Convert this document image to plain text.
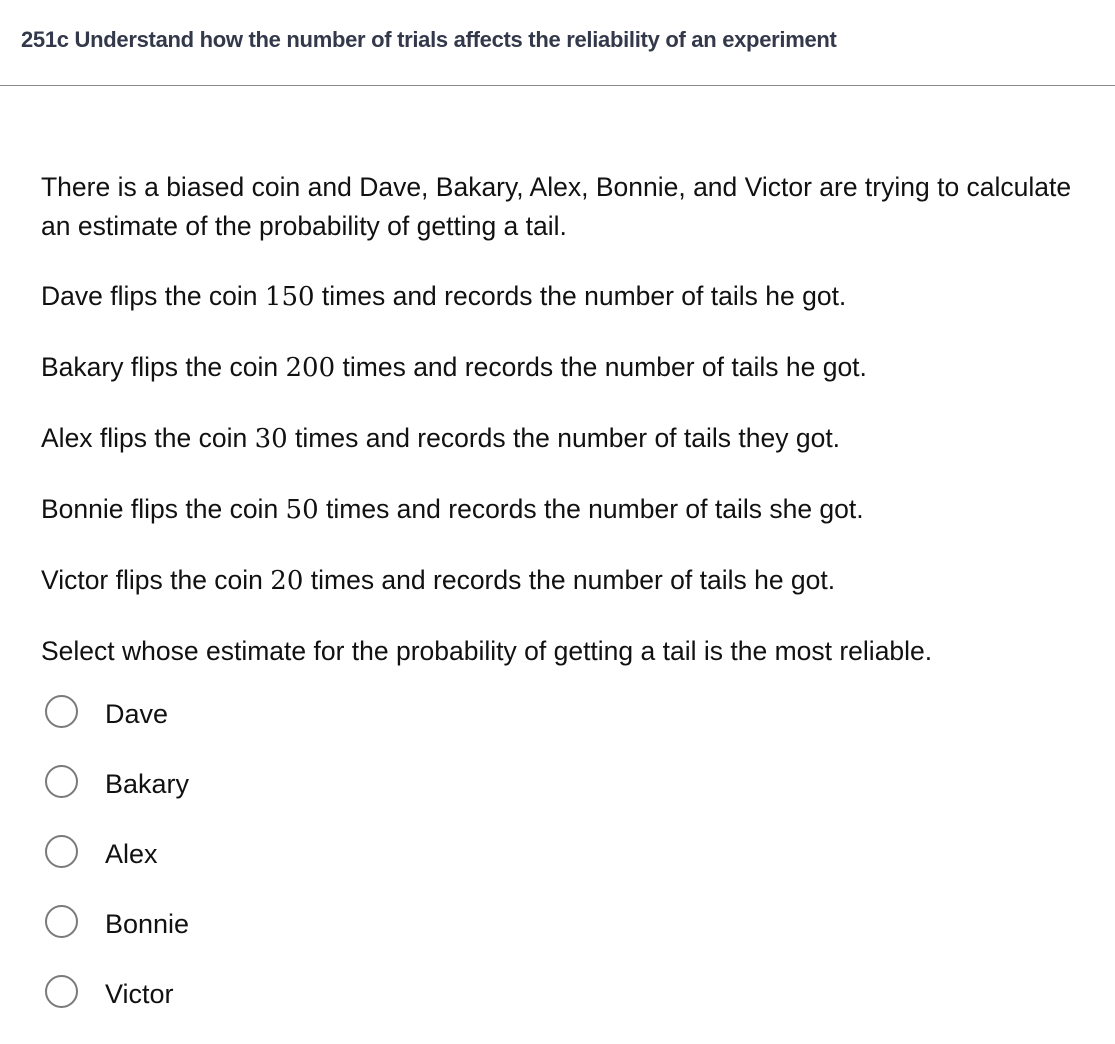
251c Understand how the number of trials affects the reliability of an experiment

There is a biased coin and Dave, Bakary, Alex, Bonnie, and Victor are trying to calculate an estimate of the probability of getting a tail.

Dave flips the coin 150 times and records the number of tails he got.

Bakary flips the coin 200 times and records the number of tails he got.

Alex flips the coin 30 times and records the number of tails they got.

Bonnie flips the coin 50 times and records the number of tails she got.

Victor flips the coin 20 times and records the number of tails he got.

Select whose estimate for the probability of getting a tail is the most reliable.

Dave
Bakary
Alex
Bonnie
Victor
